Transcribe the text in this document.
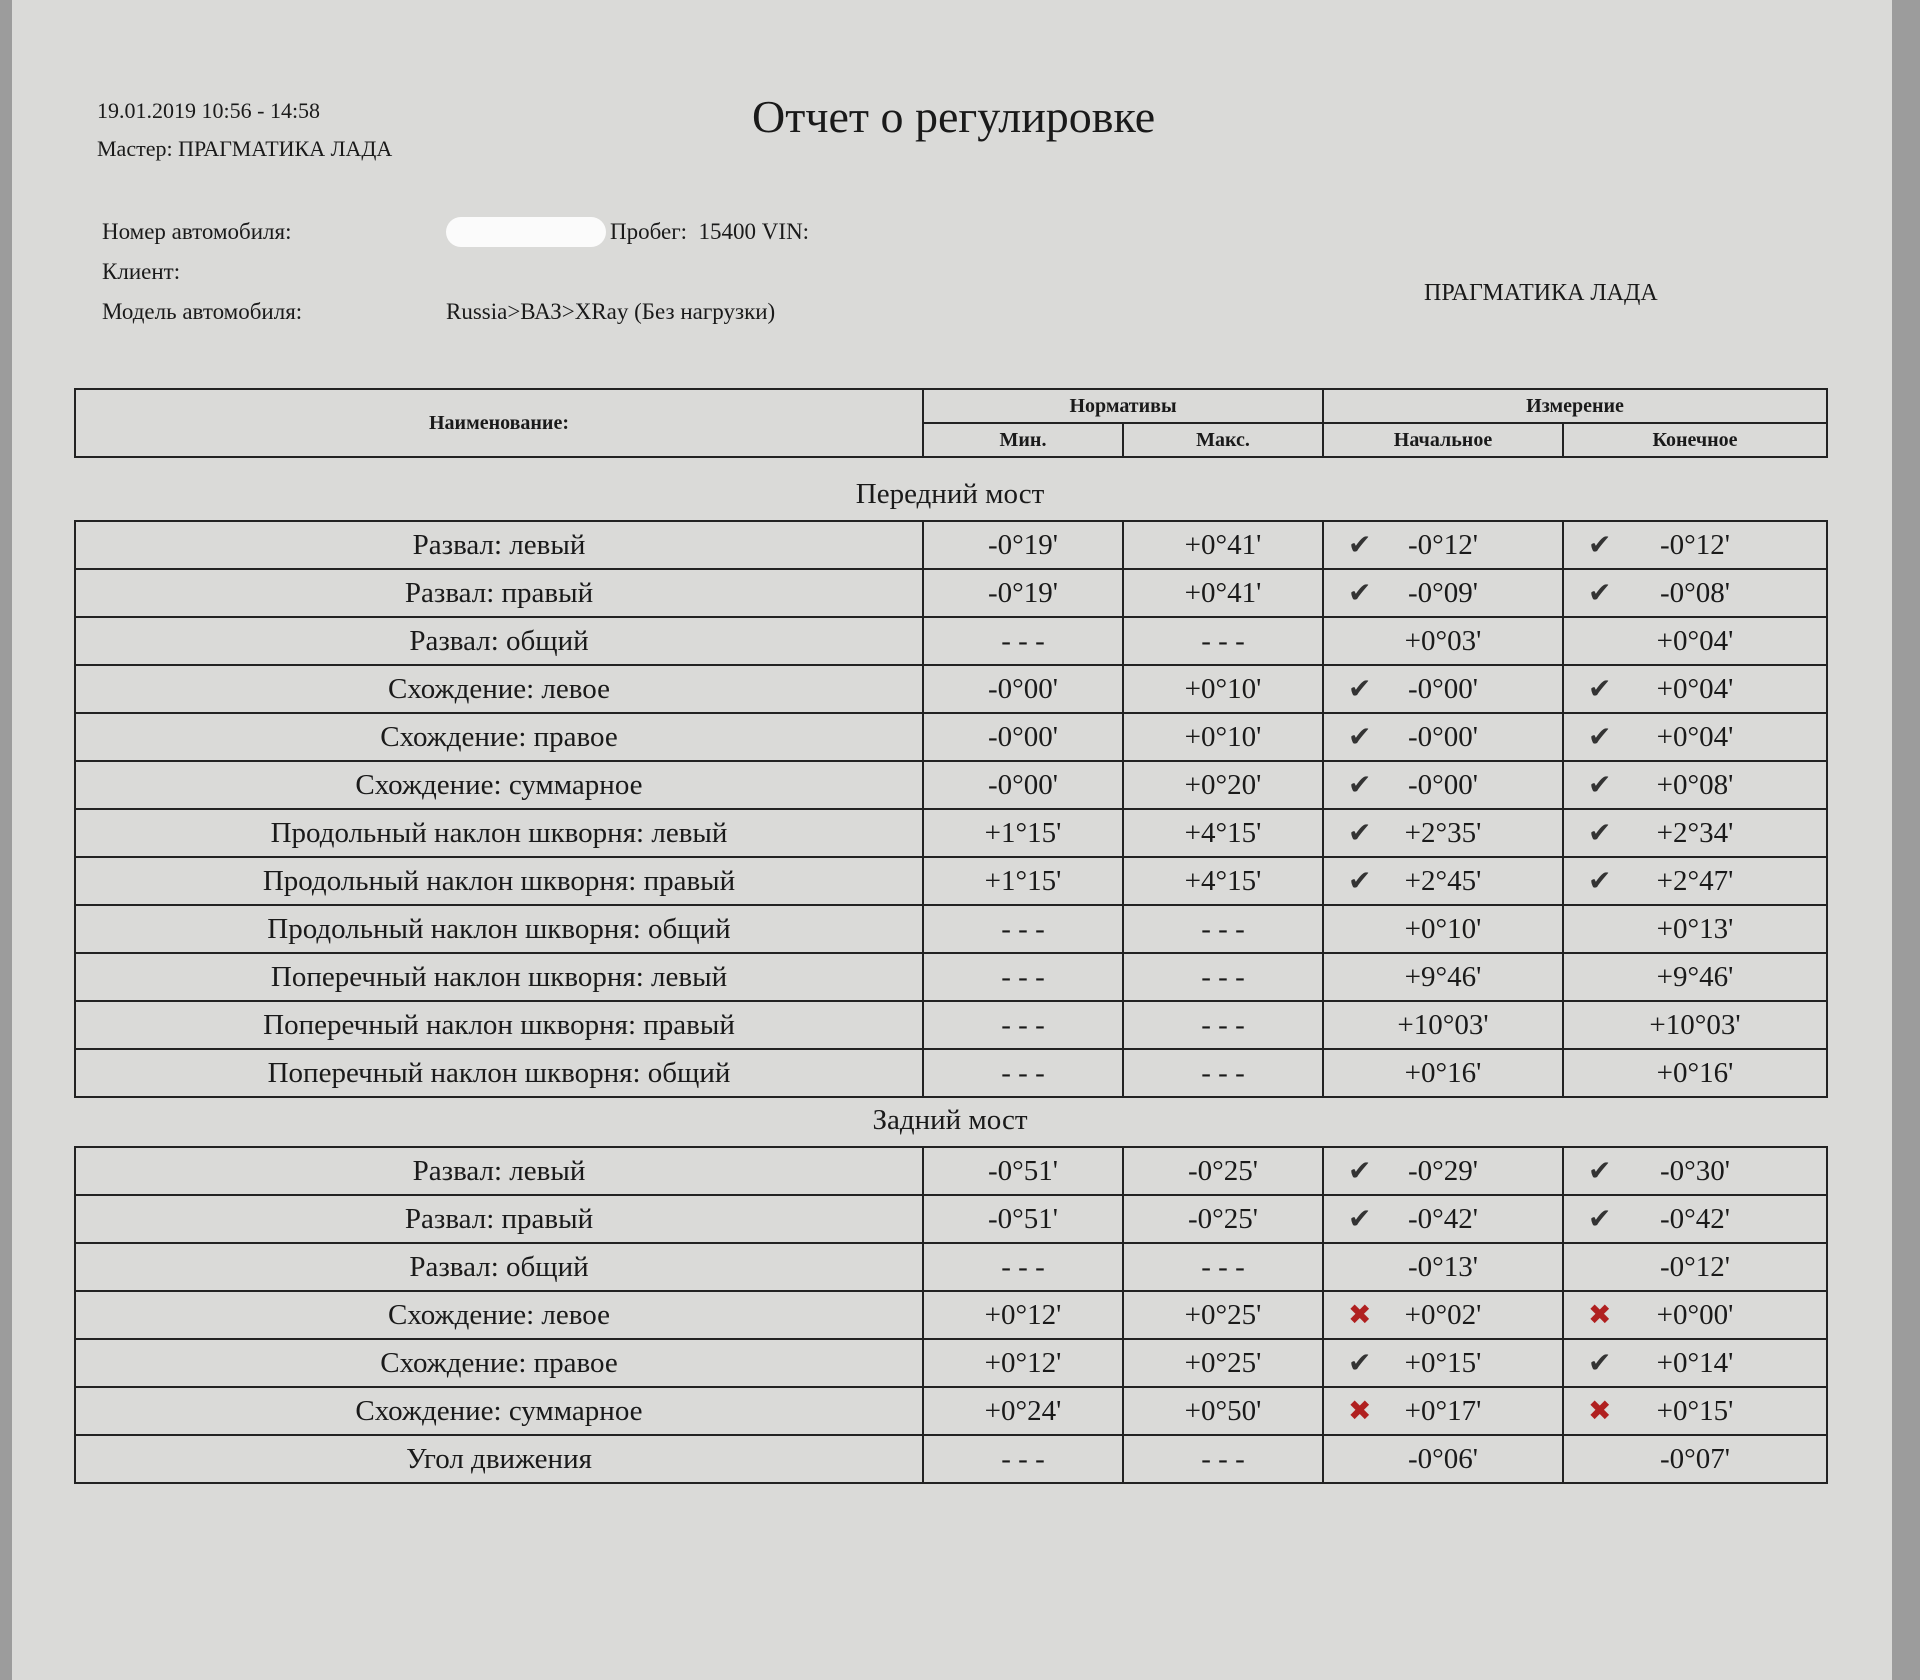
19.01.2019 10:56 - 14:58
Мастер: ПРАГМАТИКА ЛАДА
Отчет о регулировке
Номер автомобиля:	Пробег:
15400
VIN:
Клиент:
Модель автомобиля:	Russia>ВАЗ>XRay (Без нагрузки)
ПРАГМАТИКА ЛАДА
Наименование:	Нормативы		Измерение	
	Мин.	Макс.	Начальное	Конечное
Передний мост
Развал: левый	-0°19'	+0°41'	✔ -0°12'	✔ -0°12'
Развал: правый	-0°19'	+0°41'	✔ -0°09'	✔ -0°08'
Развал: общий	- - -	- - -	+0°03'	+0°04'
Схождение: левое	-0°00'	+0°10'	✔ -0°00'	✔ +0°04'
Схождение: правое	-0°00'	+0°10'	✔ -0°00'	✔ +0°04'
Схождение: суммарное	-0°00'	+0°20'	✔ -0°00'	✔ +0°08'
Продольный наклон шкворня: левый	+1°15'	+4°15'	✔ +2°35'	✔ +2°34'
Продольный наклон шкворня: правый	+1°15'	+4°15'	✔ +2°45'	✔ +2°47'
Продольный наклон шкворня: общий	- - -	- - -	+0°10'	+0°13'
Поперечный наклон шкворня: левый	- - -	- - -	+9°46'	+9°46'
Поперечный наклон шкворня: правый	- - -	- - -	+10°03'	+10°03'
Поперечный наклон шкворня: общий	- - -	- - -	+0°16'	+0°16'
Задний мост
Развал: левый	-0°51'	-0°25'	✔ -0°29'	✔ -0°30'
Развал: правый	-0°51'	-0°25'	✔ -0°42'	✔ -0°42'
Развал: общий	- - -	- - -	-0°13'	-0°12'
Схождение: левое	+0°12'	+0°25'	✖ +0°02'	✖ +0°00'
Схождение: правое	+0°12'	+0°25'	✔ +0°15'	✔ +0°14'
Схождение: суммарное	+0°24'	+0°50'	✖ +0°17'	✖ +0°15'
Угол движения	- - -	- - -	-0°06'	-0°07'
